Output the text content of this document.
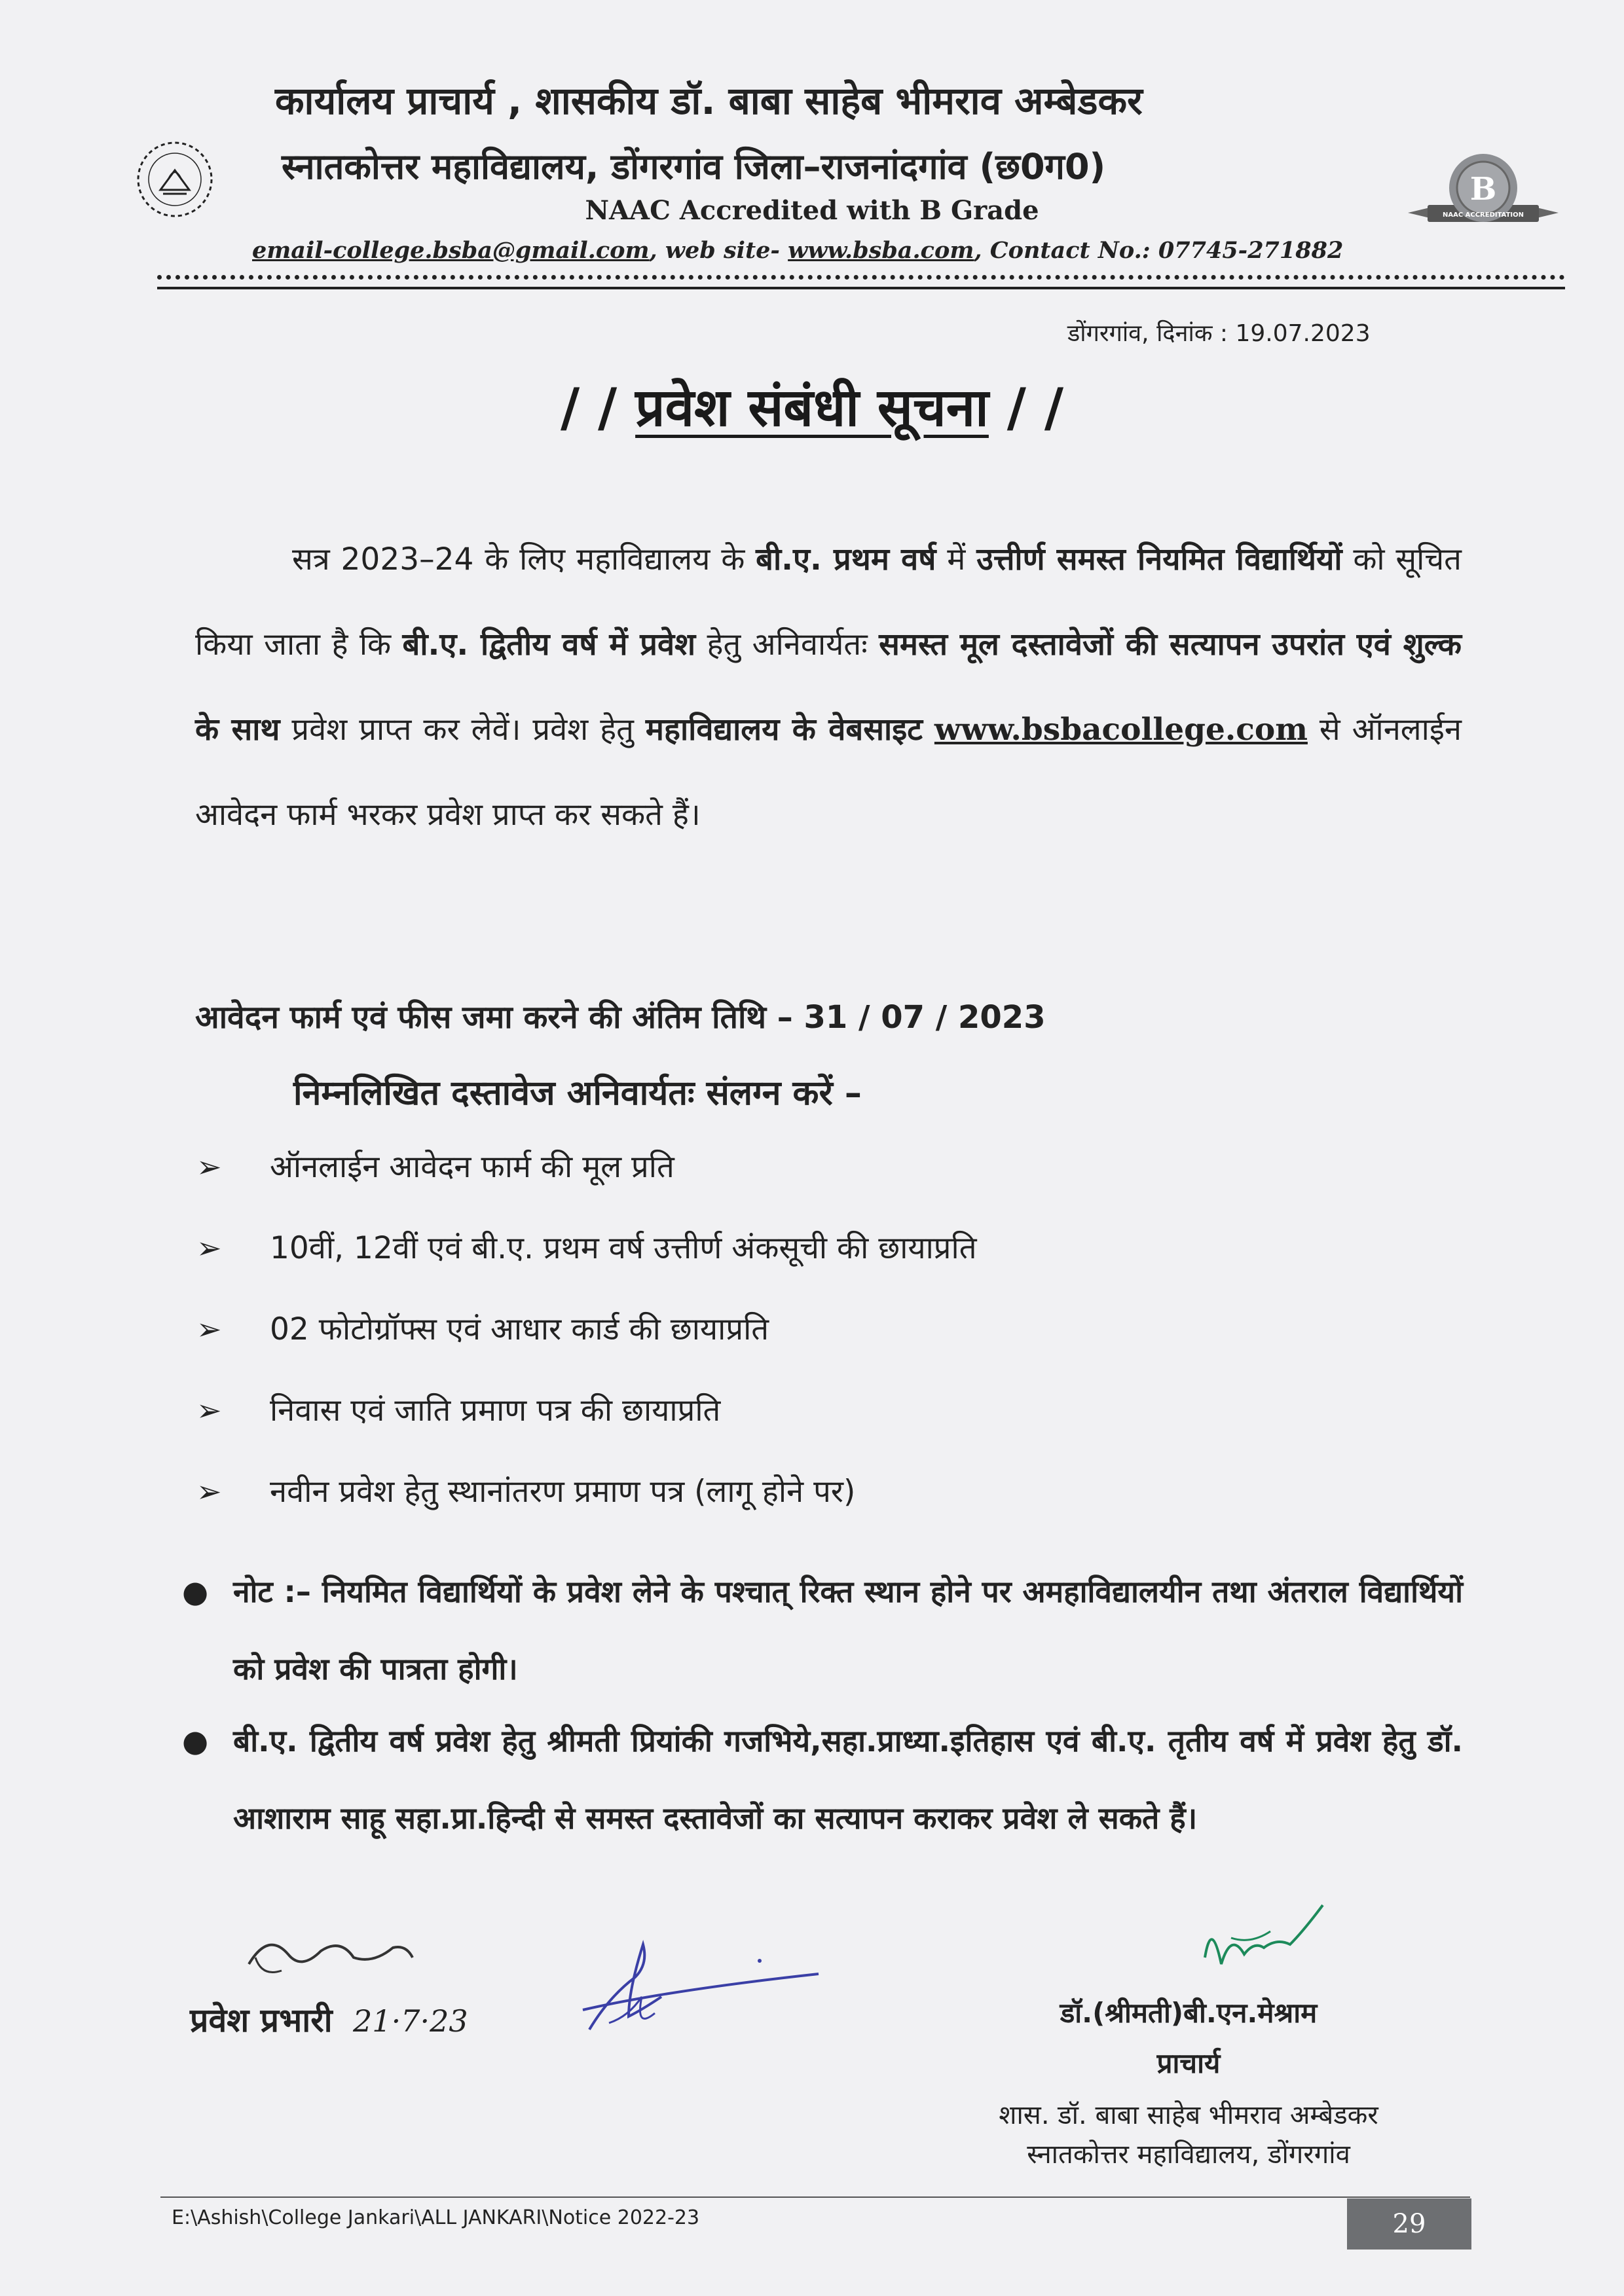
कार्यालय प्राचार्य , शासकीय डॉ. बाबा साहेब भीमराव अम्बेडकर
स्नातकोत्तर महाविद्यालय, डोंगरगांव जिला–राजनांदगांव (छ0ग0)
NAAC Accredited with B Grade
B
NAAC ACCREDITATION
email-college.bsba@gmail.com, web site- www.bsba.com, Contact No.: 07745-271882
डोंगरगांव, दिनांक : 19.07.2023
/ / प्रवेश संबंधी सूचना / /
सत्र 2023–24 के लिए महाविद्यालय के बी.ए. प्रथम वर्ष में उत्तीर्ण समस्त नियमित विद्यार्थियों को सूचित किया जाता है कि बी.ए. द्वितीय वर्ष में प्रवेश हेतु अनिवार्यतः समस्त मूल दस्तावेजों की सत्यापन उपरांत एवं शुल्क के साथ प्रवेश प्राप्त कर लेवें। प्रवेश हेतु महाविद्यालय के वेबसाइट www.bsbacollege.com से ऑनलाईन आवेदन फार्म भरकर प्रवेश प्राप्त कर सकते हैं।
आवेदन फार्म एवं फीस जमा करने की अंतिम तिथि – 31 / 07 / 2023
निम्नलिखित दस्तावेज अनिवार्यतः संलग्न करें –
➢ ऑनलाईन आवेदन फार्म की मूल प्रति
➢ 10वीं, 12वीं एवं बी.ए. प्रथम वर्ष उत्तीर्ण अंकसूची की छायाप्रति
➢ 02 फोटोग्रॉफ्स एवं आधार कार्ड की छायाप्रति
➢ निवास एवं जाति प्रमाण पत्र की छायाप्रति
➢ नवीन प्रवेश हेतु स्थानांतरण प्रमाण पत्र (लागू होने पर)
● नोट :– नियमित विद्यार्थियों के प्रवेश लेने के पश्चात् रिक्त स्थान होने पर अमहाविद्यालयीन तथा अंतराल विद्यार्थियों को प्रवेश की पात्रता होगी।
● बी.ए. द्वितीय वर्ष प्रवेश हेतु श्रीमती प्रियांकी गजभिये,सहा.प्राध्या.इतिहास एवं बी.ए. तृतीय वर्ष में प्रवेश हेतु डॉ. आशाराम साहू सहा.प्रा.हिन्दी से समस्त दस्तावेजों का सत्यापन कराकर प्रवेश ले सकते हैं।
प्रवेश प्रभारी 21·7·23	डॉ.(श्रीमती)बी.एन.मेश्राम
प्राचार्य
शास. डॉ. बाबा साहेब भीमराव अम्बेडकर
स्नातकोत्तर महाविद्यालय, डोंगरगांव
E:\Ashish\College Jankari\ALL JANKARI\Notice 2022-23	29
